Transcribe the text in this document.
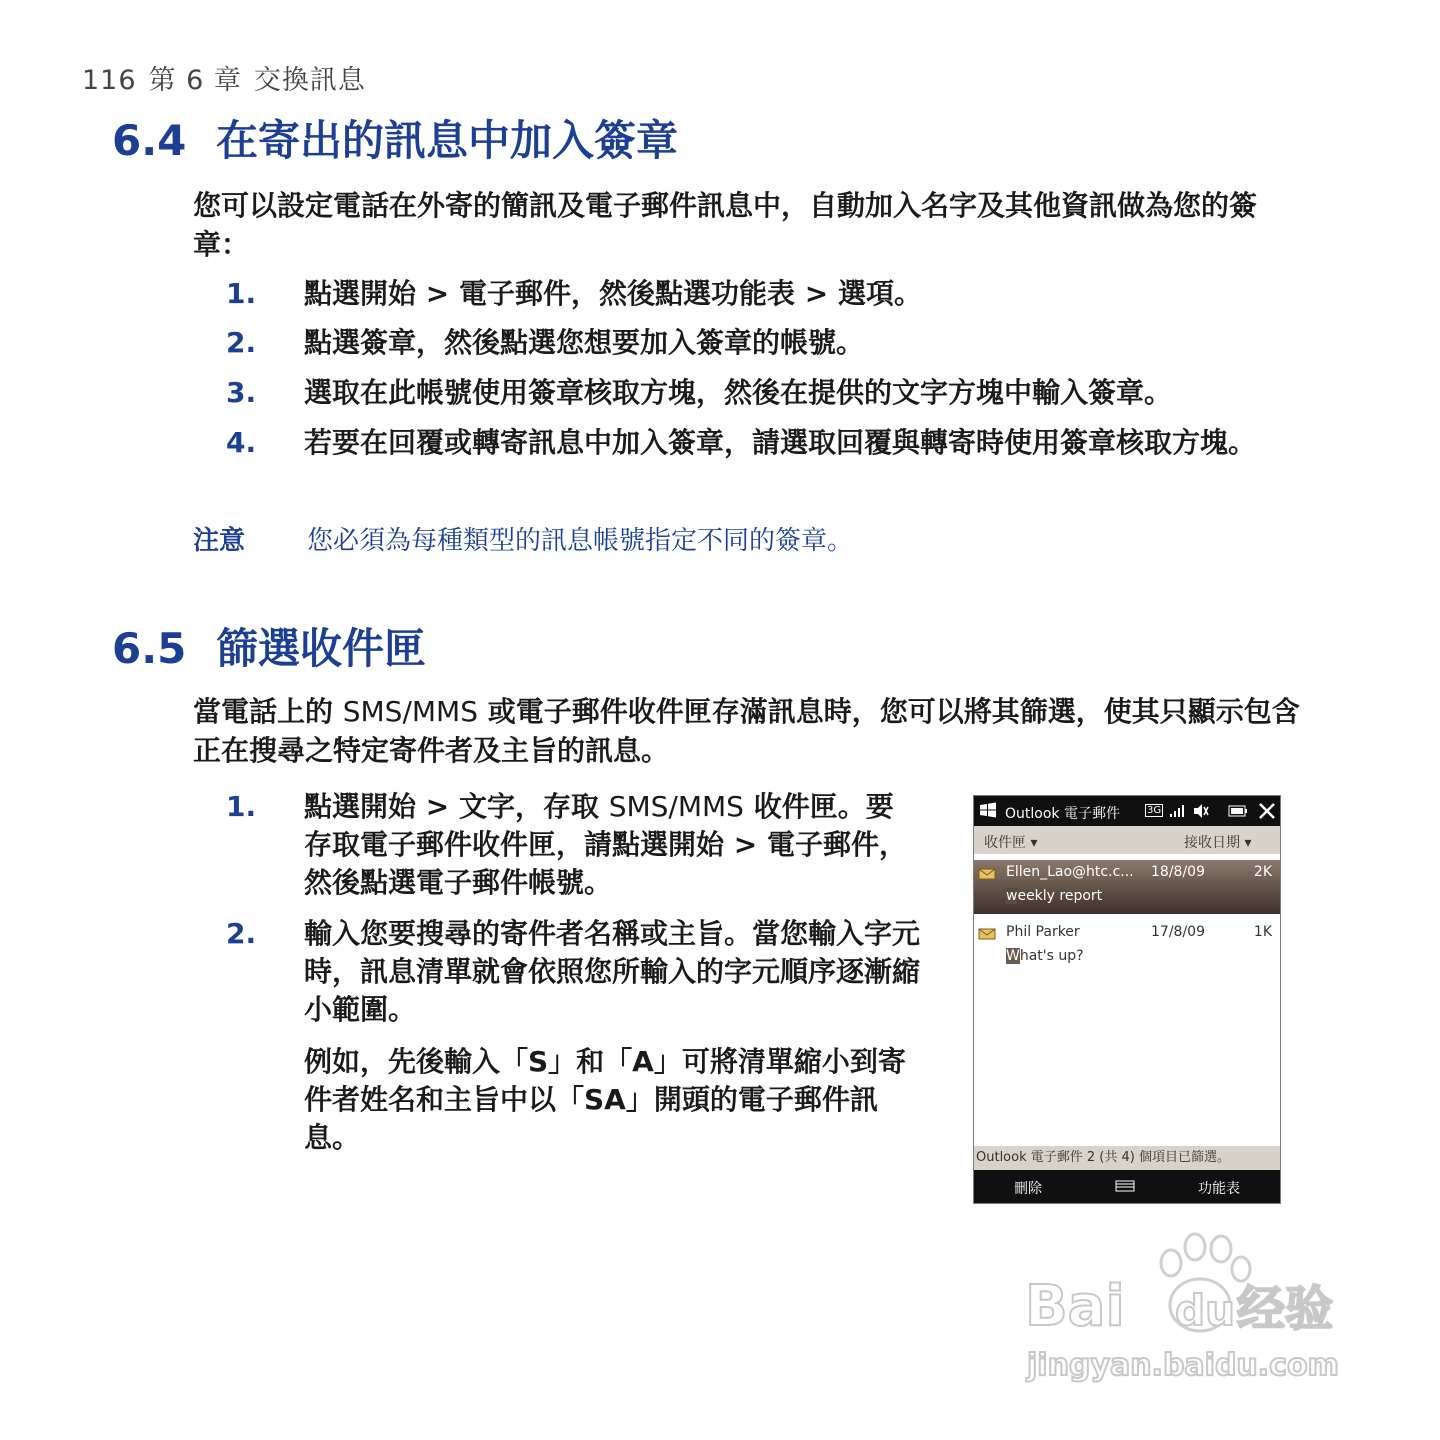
116 第 6 章 交換訊息
6.4 在寄出的訊息中加入簽章
您可以設定電話在外寄的簡訊及電子郵件訊息中，自動加入名字及其他資訊做為您的簽章：
1. 點選開始 > 電子郵件，然後點選功能表 > 選項。
2. 點選簽章，然後點選您想要加入簽章的帳號。
3. 選取在此帳號使用簽章核取方塊，然後在提供的文字方塊中輸入簽章。
4. 若要在回覆或轉寄訊息中加入簽章，請選取回覆與轉寄時使用簽章核取方塊。
注意 您必須為每種類型的訊息帳號指定不同的簽章。
6.5 篩選收件匣
當電話上的 SMS/MMS 或電子郵件收件匣存滿訊息時，您可以將其篩選，使其只顯示包含正在搜尋之特定寄件者及主旨的訊息。
1. 點選開始 > 文字，存取 SMS/MMS 收件匣。要存取電子郵件收件匣，請點選開始 > 電子郵件，然後點選電子郵件帳號。
2. 輸入您要搜尋的寄件者名稱或主旨。當您輸入字元時，訊息清單就會依照您所輸入的字元順序逐漸縮小範圍。
例如，先後輸入「S」和「A」可將清單縮小到寄件者姓名和主旨中以「SA」開頭的電子郵件訊息。
Outlook 電子郵件	3G
收件匣 ▾	接收日期 ▾
Ellen_Lao@htc.c... 18/8/09	2K
weekly report
Phil Parker	17/8/09	1K
What's up?
Outlook 電子郵件 2 (共 4) 個項目已篩選。
刪除	功能表
Bai du 经验
jingyan.baidu.com
